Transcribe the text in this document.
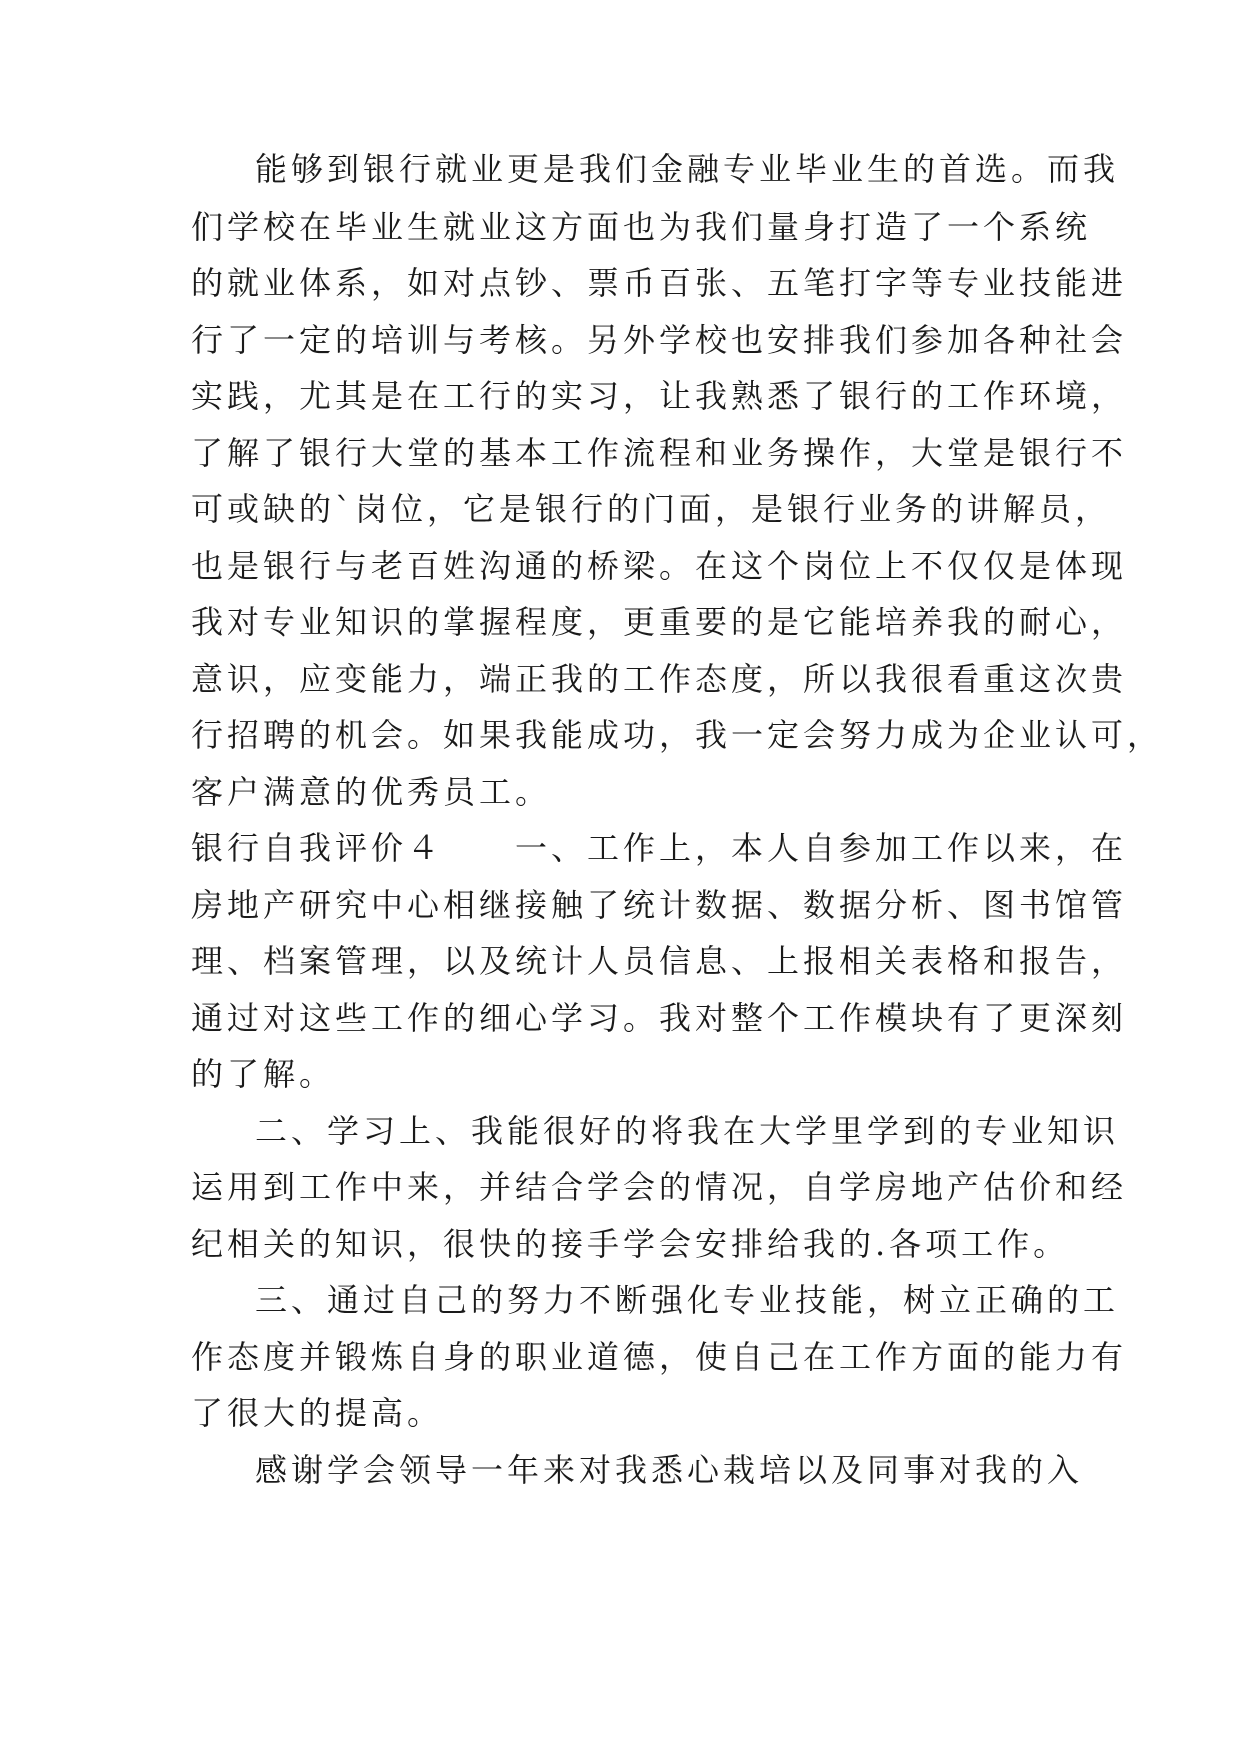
能够到银行就业更是我们金融专业毕业生的首选。而我
们学校在毕业生就业这方面也为我们量身打造了一个系统
的就业体系，如对点钞、票币百张、五笔打字等专业技能进
行了一定的培训与考核。另外学校也安排我们参加各种社会
实践，尤其是在工行的实习，让我熟悉了银行的工作环境，
了解了银行大堂的基本工作流程和业务操作，大堂是银行不
可或缺的`岗位，它是银行的门面，是银行业务的讲解员，
也是银行与老百姓沟通的桥梁。在这个岗位上不仅仅是体现
我对专业知识的掌握程度，更重要的是它能培养我的耐心，
意识，应变能力，端正我的工作态度，所以我很看重这次贵
行招聘的机会。如果我能成功，我一定会努力成为企业认可，
客户满意的优秀员工。
银行自我评价４　　一、工作上，本人自参加工作以来，在
房地产研究中心相继接触了统计数据、数据分析、图书馆管
理、档案管理，以及统计人员信息、上报相关表格和报告，
通过对这些工作的细心学习。我对整个工作模块有了更深刻
的了解。
二、学习上、我能很好的将我在大学里学到的专业知识
运用到工作中来，并结合学会的情况，自学房地产估价和经
纪相关的知识，很快的接手学会安排给我的.各项工作。
三、通过自己的努力不断强化专业技能，树立正确的工
作态度并锻炼自身的职业道德，使自己在工作方面的能力有
了很大的提高。
感谢学会领导一年来对我悉心栽培以及同事对我的入
